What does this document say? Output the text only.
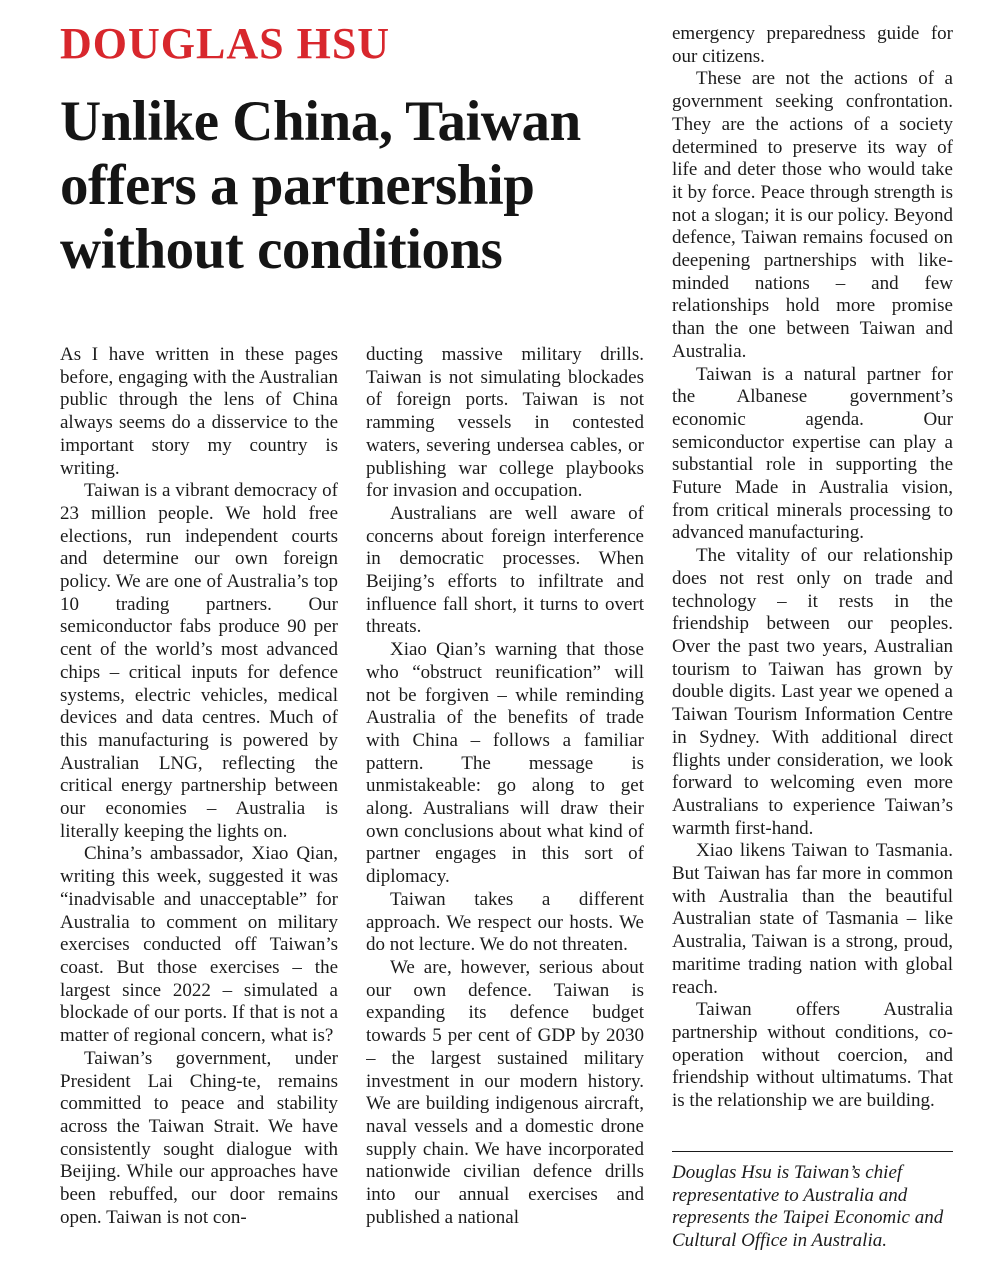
DOUGLAS HSU
Unlike China, Taiwan offers a partnership without conditions

As I have written in these pages before, engaging with the Australian public through the lens of China always seems do a disservice to the important story my country is writing.

Taiwan is a vibrant democracy of 23 million people. We hold free elections, run independent courts and determine our own foreign policy. We are one of Australia’s top 10 trading partners. Our semiconductor fabs produce 90 per cent of the world’s most advanced chips – critical inputs for defence systems, electric vehicles, medical devices and data centres. Much of this manufacturing is powered by Australian LNG, reflecting the critical energy partnership between our economies – Australia is literally keeping the lights on.

China’s ambassador, Xiao Qian, writing this week, suggested it was “inadvisable and unacceptable” for Australia to comment on military exercises conducted off Taiwan’s coast. But those exercises – the largest since 2022 – simulated a blockade of our ports. If that is not a matter of regional concern, what is?

Taiwan’s government, under President Lai Ching-te, remains committed to peace and stability across the Taiwan Strait. We have consistently sought dialogue with Beijing. While our approaches have been rebuffed, our door remains open. Taiwan is not con-

ducting massive military drills. Taiwan is not simulating blockades of foreign ports. Taiwan is not ramming vessels in contested waters, severing undersea cables, or publishing war college playbooks for invasion and occupation.

Australians are well aware of concerns about foreign interference in democratic processes. When Beijing’s efforts to infiltrate and influence fall short, it turns to overt threats.

Xiao Qian’s warning that those who “obstruct reunification” will not be forgiven – while reminding Australia of the benefits of trade with China – follows a familiar pattern. The message is unmistakeable: go along to get along. Australians will draw their own conclusions about what kind of partner engages in this sort of diplomacy.

Taiwan takes a different approach. We respect our hosts. We do not lecture. We do not threaten.

We are, however, serious about our own defence. Taiwan is expanding its defence budget towards 5 per cent of GDP by 2030 – the largest sustained military investment in our modern history. We are building indigenous aircraft, naval vessels and a domestic drone supply chain. We have incorporated nationwide civilian defence drills into our annual exercises and published a national

emergency preparedness guide for our citizens.

These are not the actions of a government seeking confrontation. They are the actions of a society determined to preserve its way of life and deter those who would take it by force. Peace through strength is not a slogan; it is our policy. Beyond defence, Taiwan remains focused on deepening partnerships with like-minded nations – and few relationships hold more promise than the one between Taiwan and Australia.

Taiwan is a natural partner for the Albanese government’s economic agenda. Our semiconductor expertise can play a substantial role in supporting the Future Made in Australia vision, from critical minerals processing to advanced manufacturing.

The vitality of our relationship does not rest only on trade and technology – it rests in the friendship between our peoples. Over the past two years, Australian tourism to Taiwan has grown by double digits. Last year we opened a Taiwan Tourism Information Centre in Sydney. With additional direct flights under consideration, we look forward to welcoming even more Australians to experience Taiwan’s warmth first-hand.

Xiao likens Taiwan to Tasmania. But Taiwan has far more in common with Australia than the beautiful Australian state of Tasmania – like Australia, Taiwan is a strong, proud, maritime trading nation with global reach.

Taiwan offers Australia partnership without conditions, co-operation without coercion, and friendship without ultimatums. That is the relationship we are building.

Douglas Hsu is Taiwan’s chief representative to Australia and represents the Taipei Economic and Cultural Office in Australia.
